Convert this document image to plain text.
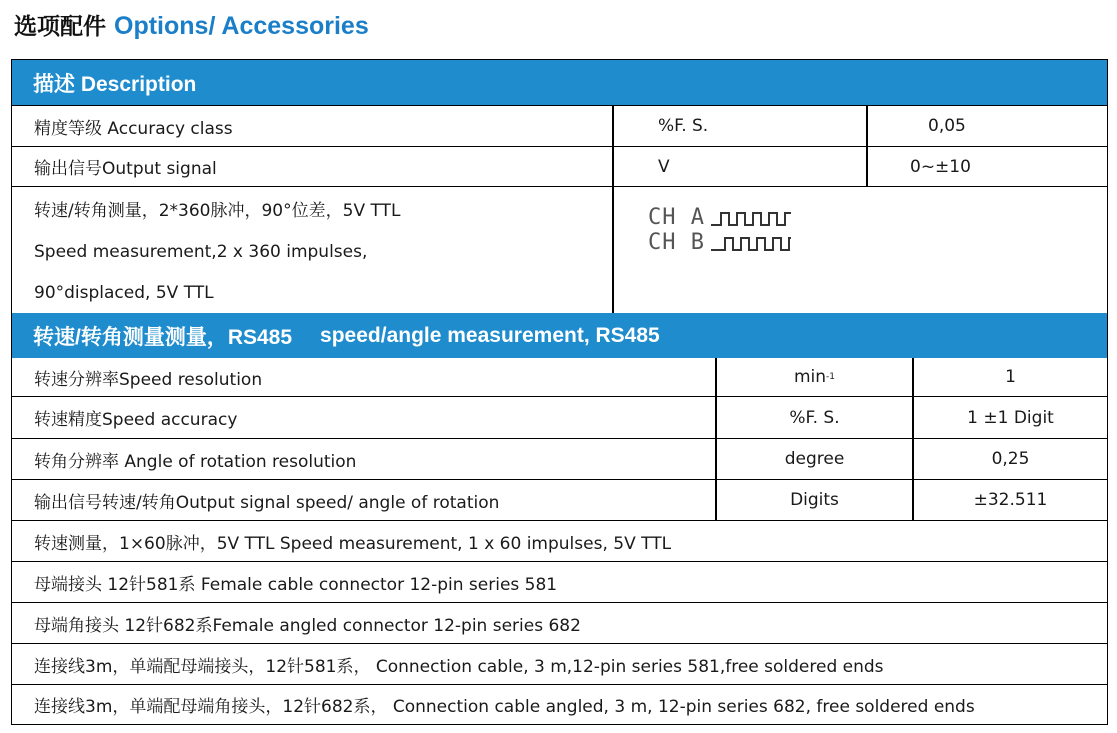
选项配件 Options/ Accessories
描述 Description
精度等级 Accuracy class	%F. S.	0,05
输出信号Output signal	V	0~±10
转速/转角测量，2*360脉冲，90°位差，5V TTL
Speed measurement,2 x 360 impulses,
90°displaced, 5V TTL
CH A
CH B
转速/转角测量测量，RS485 speed/angle measurement, RS485
转速分辨率Speed resolution	min -1	1
转速精度Speed accuracy	%F. S.	1 ±1 Digit
转角分辨率 Angle of rotation resolution	degree	0,25
输出信号转速/转角Output signal speed/ angle of rotation	Digits	±32.511
转速测量，1×60脉冲，5V TTL Speed measurement, 1 x 60 impulses, 5V TTL
母端接头 12针581系 Female cable connector 12-pin series 581
母端角接头 12针682系Female angled connector 12-pin series 682
连接线3m，单端配母端接头，12针581系， Connection cable, 3 m,12-pin series 581,free soldered ends
连接线3m，单端配母端角接头，12针682系， Connection cable angled, 3 m, 12-pin series 682, free soldered ends
